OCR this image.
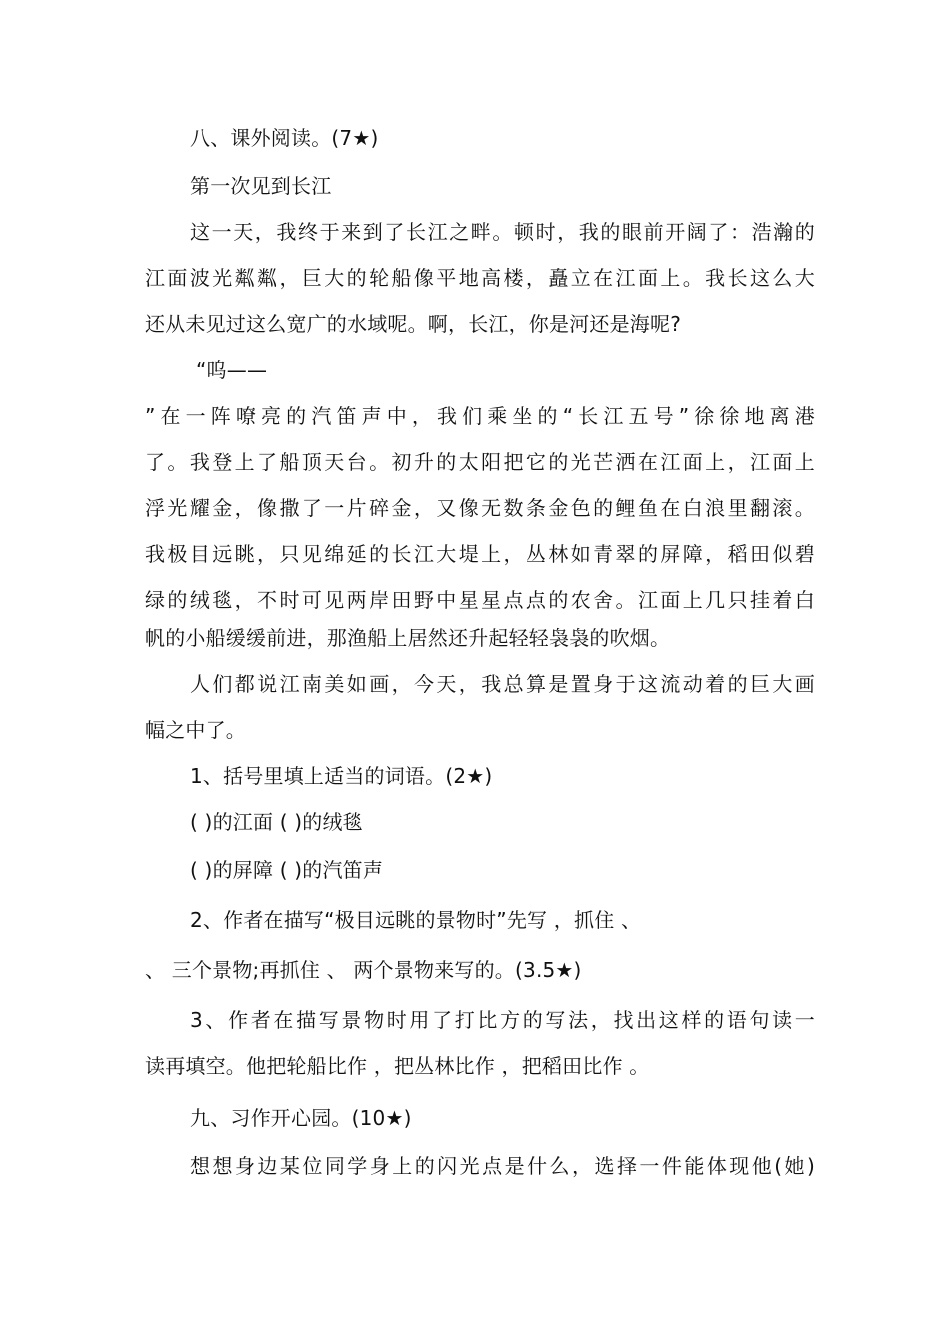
八、课外阅读。(7★)
第一次见到长江
这一天，我终于来到了长江之畔。顿时，我的眼前开阔了：浩瀚的
江面波光粼粼，巨大的轮船像平地高楼，矗立在江面上。我长这么大
还从未见过这么宽广的水域呢。啊，长江，你是河还是海呢?
“呜——
”在一阵嘹亮的汽笛声中，我们乘坐的“长江五号”徐徐地离港
了。我登上了船顶天台。初升的太阳把它的光芒洒在江面上，江面上
浮光耀金，像撒了一片碎金，又像无数条金色的鲤鱼在白浪里翻滚。
我极目远眺，只见绵延的长江大堤上，丛林如青翠的屏障，稻田似碧
绿的绒毯，不时可见两岸田野中星星点点的农舍。江面上几只挂着白
帆的小船缓缓前进，那渔船上居然还升起轻轻袅袅的吹烟。
人们都说江南美如画，今天，我总算是置身于这流动着的巨大画
幅之中了。
1、括号里填上适当的词语。(2★)
( )的江面 ( )的绒毯
( )的屏障 ( )的汽笛声
2、作者在描写“极目远眺的景物时”先写 ，抓住 、
、 三个景物;再抓住 、 两个景物来写的。(3.5★)
3、作者在描写景物时用了打比方的写法，找出这样的语句读一
读再填空。他把轮船比作 ，把丛林比作 ，把稻田比作 。
九、习作开心园。(10★)
想想身边某位同学身上的闪光点是什么，选择一件能体现他(她)
